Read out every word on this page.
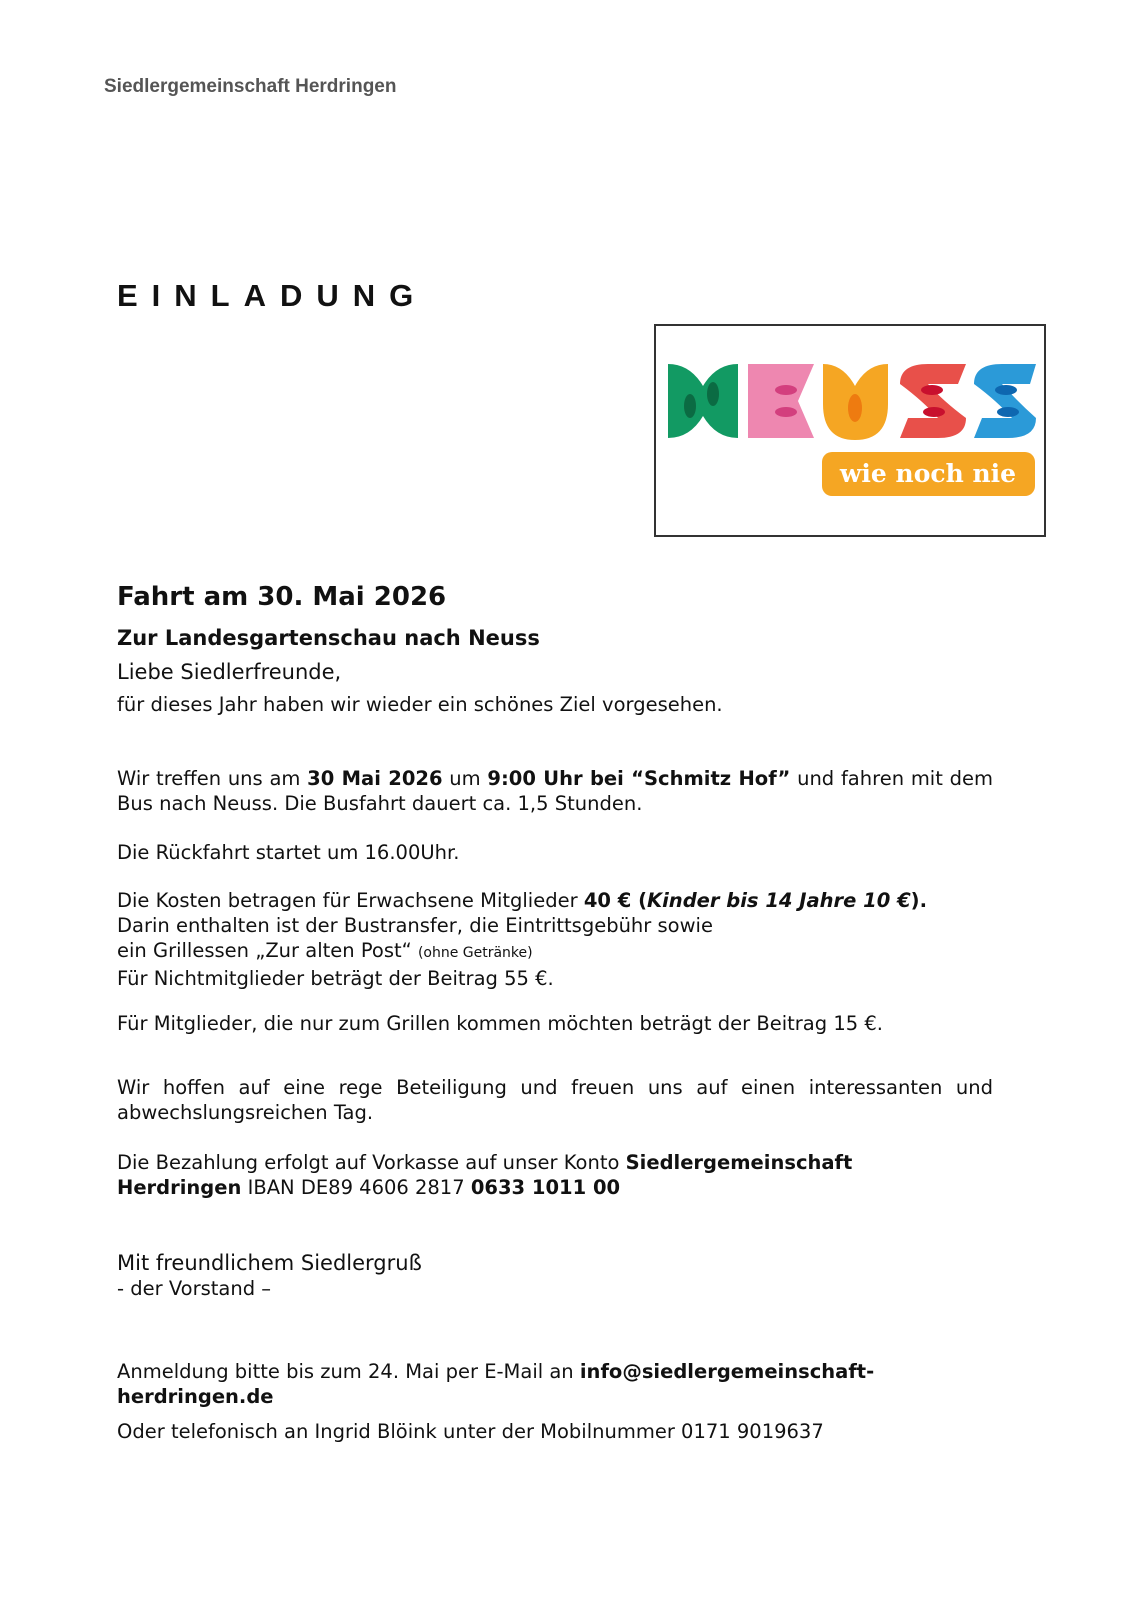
Siedlergemeinschaft Herdringen
EINLADUNG
wie noch nie
Fahrt am 30. Mai 2026
Zur Landesgartenschau nach Neuss
Liebe Siedlerfreunde,

für dieses Jahr haben wir wieder ein schönes Ziel vorgesehen.

Wir treffen uns am 30 Mai 2026 um 9:00 Uhr bei “Schmitz Hof” und fahren mit dem Bus nach Neuss. Die Busfahrt dauert ca. 1,5 Stunden.

Die Rückfahrt startet um 16.00Uhr.

Die Kosten betragen für Erwachsene Mitglieder 40 € (Kinder bis 14 Jahre 10 €).
Darin enthalten ist der Bustransfer, die Eintrittsgebühr sowie
ein Grillessen „Zur alten Post“ (ohne Getränke)
Für Nichtmitglieder beträgt der Beitrag 55 €.

Für Mitglieder, die nur zum Grillen kommen möchten beträgt der Beitrag 15 €.

Wir hoffen auf eine rege Beteiligung und freuen uns auf einen interessanten und abwechslungsreichen Tag.

Die Bezahlung erfolgt auf Vorkasse auf unser Konto Siedlergemeinschaft Herdringen IBAN DE89 4606 2817 0633 1011 00

Mit freundlichem Siedlergruß
- der Vorstand –

Anmeldung bitte bis zum 24. Mai per E-Mail an info@siedlergemeinschaft-herdringen.de

Oder telefonisch an Ingrid Blöink unter der Mobilnummer 0171 9019637
